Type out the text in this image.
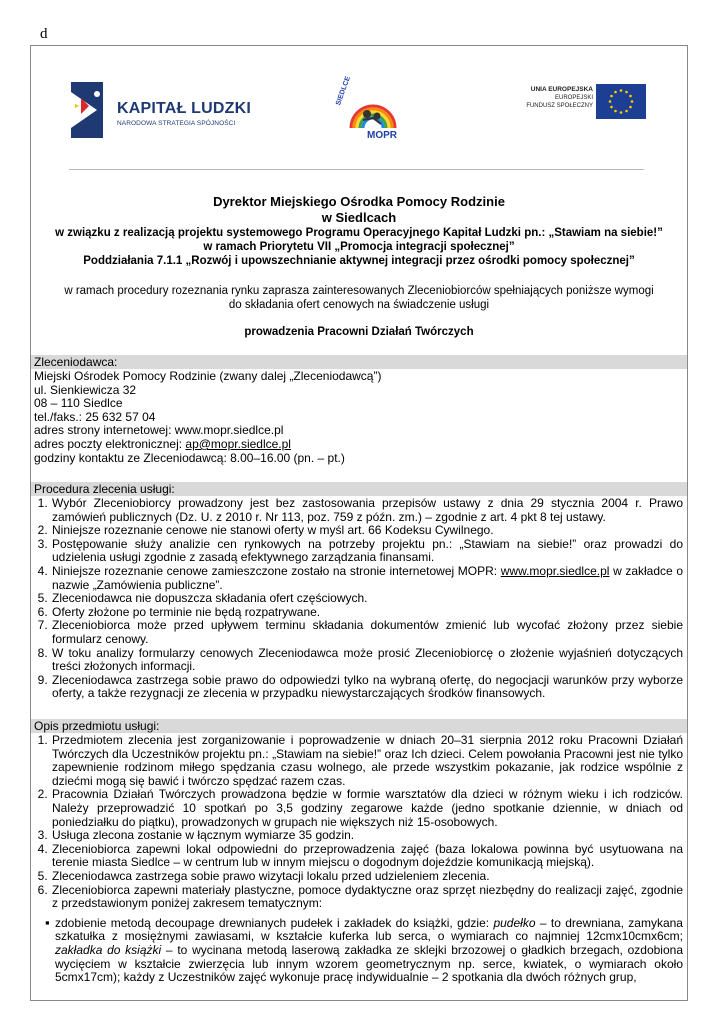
d
KAPITAŁ LUDZKI
NARODOWA STRATEGIA SPÓJNOŚCI
SIEDLCE
MOPR
UNIA EUROPEJSKA
EUROPEJSKI
FUNDUSZ SPOŁECZNY
Dyrektor Miejskiego Ośrodka Pomocy Rodzinie
w Siedlcach
w związku z realizacją projektu systemowego Programu Operacyjnego Kapitał Ludzki pn.: „Stawiam na siebie!”
w ramach Priorytetu VII „Promocja integracji społecznej”
Poddziałania 7.1.1 „Rozwój i upowszechnianie aktywnej integracji przez ośrodki pomocy społecznej”
w ramach procedury rozeznania rynku zaprasza zainteresowanych Zleceniobiorców spełniających poniższe wymogi
do składania ofert cenowych na świadczenie usługi
prowadzenia Pracowni Działań Twórczych
Zleceniodawca:
Miejski Ośrodek Pomocy Rodzinie (zwany dalej „Zleceniodawcą”)
ul. Sienkiewicza 32
08 – 110 Siedlce
tel./faks.: 25 632 57 04
adres strony internetowej: www.mopr.siedlce.pl
adres poczty elektronicznej: ap@mopr.siedlce.pl
godziny kontaktu ze Zleceniodawcą: 8.00–16.00 (pn. – pt.)
Procedura zlecenia usługi:
1. Wybór Zleceniobiorcy prowadzony jest bez zastosowania przepisów ustawy z dnia 29 stycznia 2004 r. Prawo zamówień publicznych (Dz. U. z 2010 r. Nr 113, poz. 759 z późn. zm.) – zgodnie z art. 4 pkt 8 tej ustawy.
2. Niniejsze rozeznanie cenowe nie stanowi oferty w myśl art. 66 Kodeksu Cywilnego.
3. Postępowanie służy analizie cen rynkowych na potrzeby projektu pn.: „Stawiam na siebie!” oraz prowadzi do udzielenia usługi zgodnie z zasadą efektywnego zarządzania finansami.
4. Niniejsze rozeznanie cenowe zamieszczone zostało na stronie internetowej MOPR: www.mopr.siedlce.pl w zakładce o nazwie „Zamówienia publiczne”.
5. Zleceniodawca nie dopuszcza składania ofert częściowych.
6. Oferty złożone po terminie nie będą rozpatrywane.
7. Zleceniobiorca może przed upływem terminu składania dokumentów zmienić lub wycofać złożony przez siebie formularz cenowy.
8. W toku analizy formularzy cenowych Zleceniodawca może prosić Zleceniobiorcę o złożenie wyjaśnień dotyczących treści złożonych informacji.
9. Zleceniodawca zastrzega sobie prawo do odpowiedzi tylko na wybraną ofertę, do negocjacji warunków przy wyborze oferty, a także rezygnacji ze zlecenia w przypadku niewystarczających środków finansowych.
Opis przedmiotu usługi:
1. Przedmiotem zlecenia jest zorganizowanie i poprowadzenie w dniach 20–31 sierpnia 2012 roku Pracowni Działań Twórczych dla Uczestników projektu pn.: „Stawiam na siebie!” oraz Ich dzieci. Celem powołania Pracowni jest nie tylko zapewnienie rodzinom miłego spędzania czasu wolnego, ale przede wszystkim pokazanie, jak rodzice wspólnie z dziećmi mogą się bawić i twórczo spędzać razem czas.
2. Pracownia Działań Twórczych prowadzona będzie w formie warsztatów dla dzieci w różnym wieku i ich rodziców. Należy przeprowadzić 10 spotkań po 3,5 godziny zegarowe każde (jedno spotkanie dziennie, w dniach od poniedziałku do piątku), prowadzonych w grupach nie większych niż 15-osobowych.
3. Usługa zlecona zostanie w łącznym wymiarze 35 godzin.
4. Zleceniobiorca zapewni lokal odpowiedni do przeprowadzenia zajęć (baza lokalowa powinna być usytuowana na terenie miasta Siedlce – w centrum lub w innym miejscu o dogodnym dojeździe komunikacją miejską).
5. Zleceniodawca zastrzega sobie prawo wizytacji lokalu przed udzieleniem zlecenia.
6. Zleceniobiorca zapewni materiały plastyczne, pomoce dydaktyczne oraz sprzęt niezbędny do realizacji zajęć, zgodnie z przedstawionym poniżej zakresem tematycznym:
▪ zdobienie metodą decoupage drewnianych pudełek i zakładek do książki, gdzie: pudełko – to drewniana, zamykana szkatułka z mosiężnymi zawiasami, w kształcie kuferka lub serca, o wymiarach co najmniej 12cmx10cmx6cm; zakładka do książki – to wycinana metodą laserową zakładka ze sklejki brzozowej o gładkich brzegach, ozdobiona wycięciem w kształcie zwierzęcia lub innym wzorem geometrycznym np. serce, kwiatek, o wymiarach około 5cmx17cm); każdy z Uczestników zajęć wykonuje pracę indywidualnie – 2 spotkania dla dwóch różnych grup,
